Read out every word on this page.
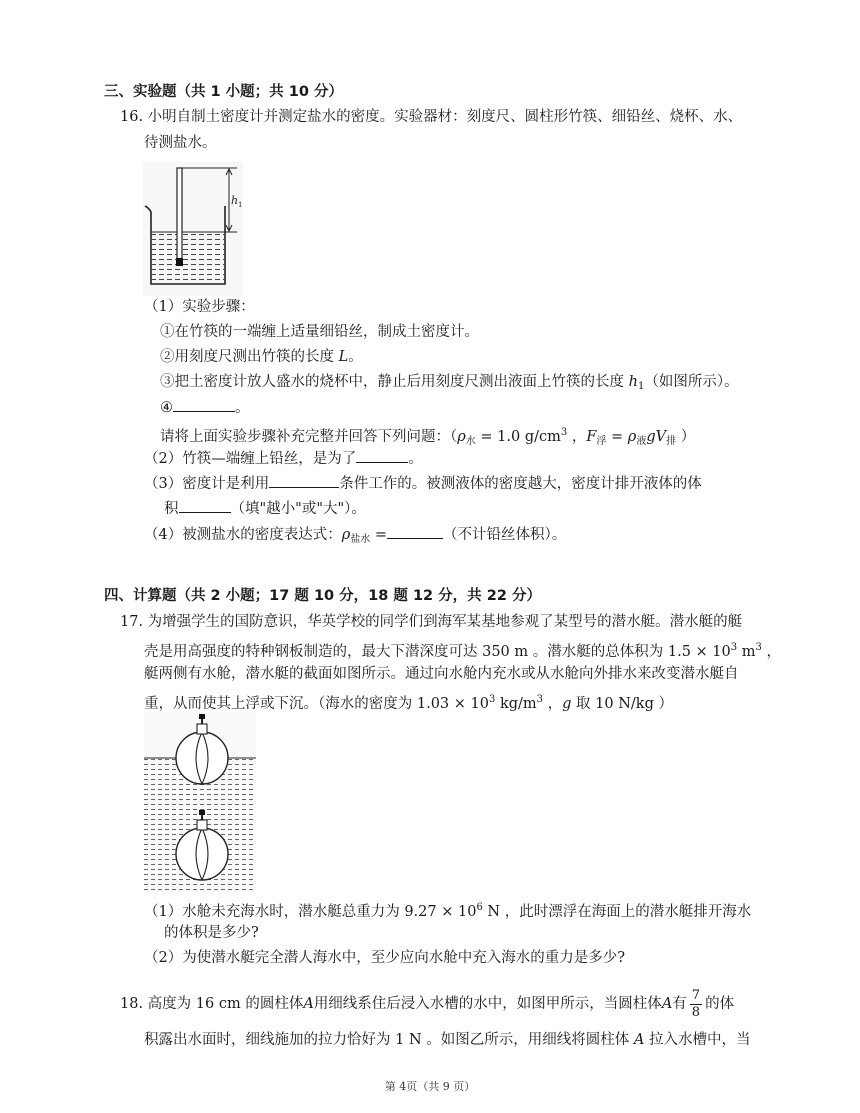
三、实验题（共 1 小题；共 10 分）
16. 小明自制土密度计并测定盐水的密度。实验器材：刻度尺、圆柱形竹筷、细铅丝、烧杯、水、
待测盐水。
h 1
（1）实验步骤：
①在竹筷的一端缠上适量细铅丝，制成土密度计。
②用刻度尺测出竹筷的长度 L。
③把土密度计放人盛水的烧杯中，静止后用刻度尺测出液面上竹筷的长度 $h_1$（如图所示）。
④	。
请将上面实验步骤补充完整并回答下列问题：（$\rho_水 = 1.0$ $g/cm^3$ ，$F_浮 = \rho_液gV_排$ ）
（2）竹筷—端缠上铅丝，是为了	。
（3）密度计是利用	条件工作的。被测液体的密度越大，密度计排开液体的体
积	（填"越小"或"大"）。
（4）被测盐水的密度表达式：$\rho_{盐水}$ =	（不计铅丝体积）。
四、计算题（共 2 小题；17 题 10 分，18 题 12 分，共 22 分）
17. 为增强学生的国防意识，华英学校的同学们到海军某基地参观了某型号的潜水艇。潜水艇的艇
壳是用高强度的特种钢板制造的，最大下潜深度可达 350 m 。潜水艇的总体积为 $1.5 \times 10^3$ $m^3$ ，
艇两侧有水舱，潜水艇的截面如图所示。通过向水舱内充水或从水舱向外排水来改变潜水艇自
重，从而使其上浮或下沉。（海水的密度为 $1.03 \times 10^3$ $kg/m^3$ ，g 取 10 N/kg ）
（1）水舱未充海水时，潜水艇总重力为 $9.27 \times 10^6$ N ，此时漂浮在海面上的潜水艇排开海水
的体积是多少?
（2）为使潜水艇完全潜人海水中，至少应向水舱中充入海水的重力是多少?
18. 高度为 16 cm 的圆柱体 A 用细线系住后浸入水槽的水中，如图甲所示，当圆柱体 A 有 $\frac{7}{8}$ 的体
积露出水面时，细线施加的拉力恰好为 1 N 。如图乙所示，用细线将圆柱体 A 拉入水槽中，当
第 4页（共 9 页）
